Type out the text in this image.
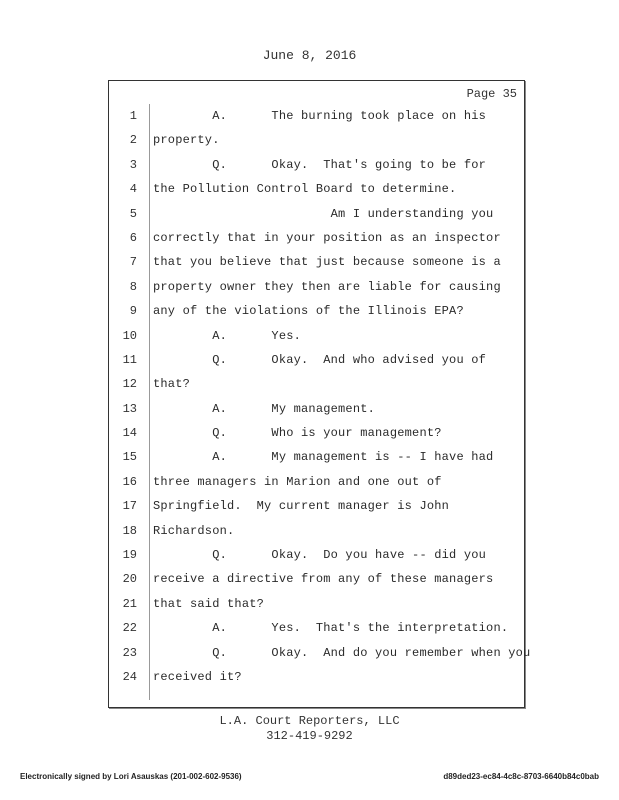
June 8, 2016
Page 35
1
2
3
4
5
6
7
8
9
10
11
12
13
14
15
16
17
18
19
20
21
22
23
24
A.      The burning took place on his
property.
Q.      Okay.  That's going to be for
the Pollution Control Board to determine.
Am I understanding you
correctly that in your position as an inspector
that you believe that just because someone is a
property owner they then are liable for causing
any of the violations of the Illinois EPA?
A.      Yes.
Q.      Okay.  And who advised you of
that?
A.      My management.
Q.      Who is your management?
A.      My management is -- I have had
three managers in Marion and one out of
Springfield.  My current manager is John
Richardson.
Q.      Okay.  Do you have -- did you
receive a directive from any of these managers
that said that?
A.      Yes.  That's the interpretation.
Q.      Okay.  And do you remember when you
received it?
L.A. Court Reporters, LLC
312-419-9292
Electronically signed by Lori Asauskas (201-002-602-9536)	d89ded23-ec84-4c8c-8703-6640b84c0bab
